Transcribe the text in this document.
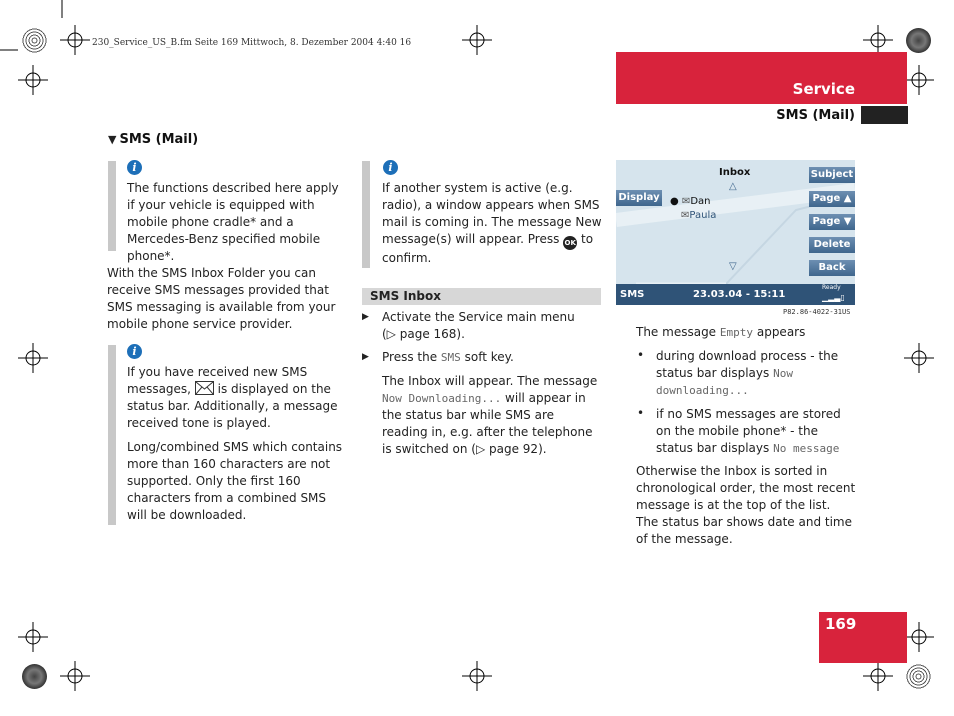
230_Service_US_B.fm Seite 169 Mittwoch, 8. Dezember 2004 4:40 16
Service
SMS (Mail)
169
▼ SMS (Mail)
i
The functions described here apply if your vehicle is equipped with mobile phone cradle* and a Mercedes-Benz specified mobile phone*.
With the SMS Inbox Folder you can receive SMS messages provided that SMS messaging is available from your mobile phone service provider.
i
If you have received new SMS messages, is displayed on the status bar. Additionally, a message received tone is played.
Long/combined SMS which contains more than 160 characters are not supported. Only the first 160 characters from a combined SMS will be downloaded.
i
If another system is active (e.g. radio), a window appears when SMS mail is coming in. The message New message(s) will appear. Press OK to confirm.
SMS Inbox
▶ Activate the Service main menu
(▷ page 168).
▶ Press the SMS soft key.
The Inbox will appear. The message Now Downloading... will appear in the status bar while SMS are reading in, e.g. after the telephone is switched on (▷ page 92).
Inbox
△
▽
Display ● ✉Dan
✉Paula
Subject
Page ▲
Page ▼
Delete
Back
SMS	23.03.04 - 15:11
Ready
▁▂▃▯
P82.86-4022-31US
The message Empty appears
• during download process - the status bar displays Now downloading...
• if no SMS messages are stored on the mobile phone* - the status bar displays No message
Otherwise the Inbox is sorted in chronological order, the most recent message is at the top of the list. The status bar shows date and time of the message.
